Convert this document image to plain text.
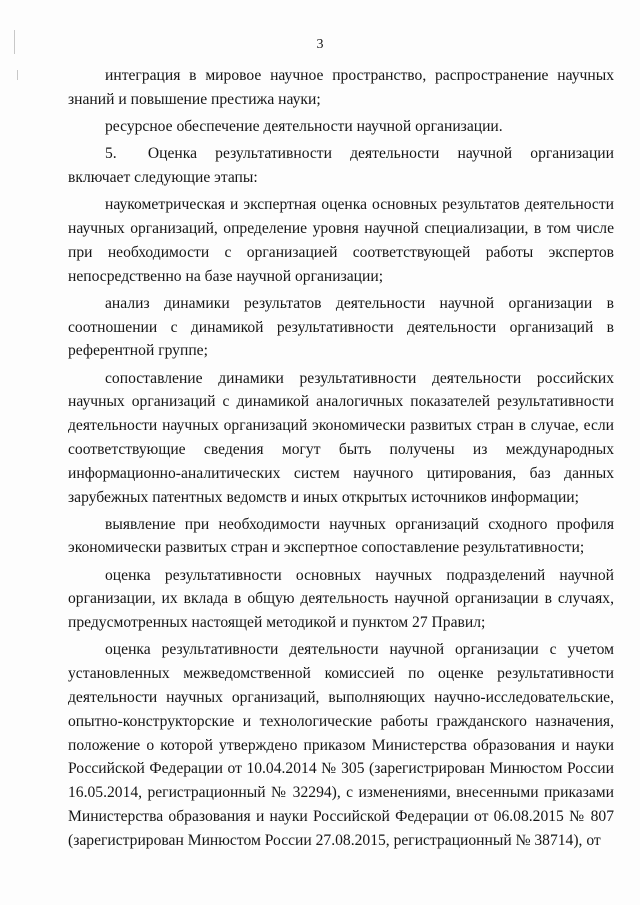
3

интеграция в мировое научное пространство, распространение научных знаний и повышение престижа науки;

ресурсное обеспечение деятельности научной организации.

5.  Оценка результативности деятельности научной организации включает следующие этапы:

наукометрическая и экспертная оценка основных результатов деятельности научных организаций, определение уровня научной специализации, в том числе при необходимости с организацией соответствующей работы экспертов непосредственно на базе научной организации;

анализ динамики результатов деятельности научной организации в соотношении с динамикой результативности деятельности организаций в референтной группе;

сопоставление динамики результативности деятельности российских научных организаций с динамикой аналогичных показателей результативности деятельности научных организаций экономически развитых стран в случае, если соответствующие сведения могут быть получены из международных информационно-аналитических систем научного цитирования, баз данных зарубежных патентных ведомств и иных открытых источников информации;

выявление при необходимости научных организаций сходного профиля экономически развитых стран и экспертное сопоставление результативности;

оценка результативности основных научных подразделений научной организации, их вклада в общую деятельность научной организации в случаях, предусмотренных настоящей методикой и пунктом 27 Правил;

оценка результативности деятельности научной организации с учетом установленных межведомственной комиссией по оценке результативности деятельности научных организаций, выполняющих научно-исследовательские, опытно-конструкторские и технологические работы гражданского назначения, положение о которой утверждено приказом Министерства образования и науки Российской Федерации от 10.04.2014 № 305 (зарегистрирован Минюстом России 16.05.2014, регистрационный № 32294), с изменениями, внесенными приказами Министерства образования и науки Российской Федерации от 06.08.2015 № 807 (зарегистрирован Минюстом России 27.08.2015, регистрационный № 38714), от
